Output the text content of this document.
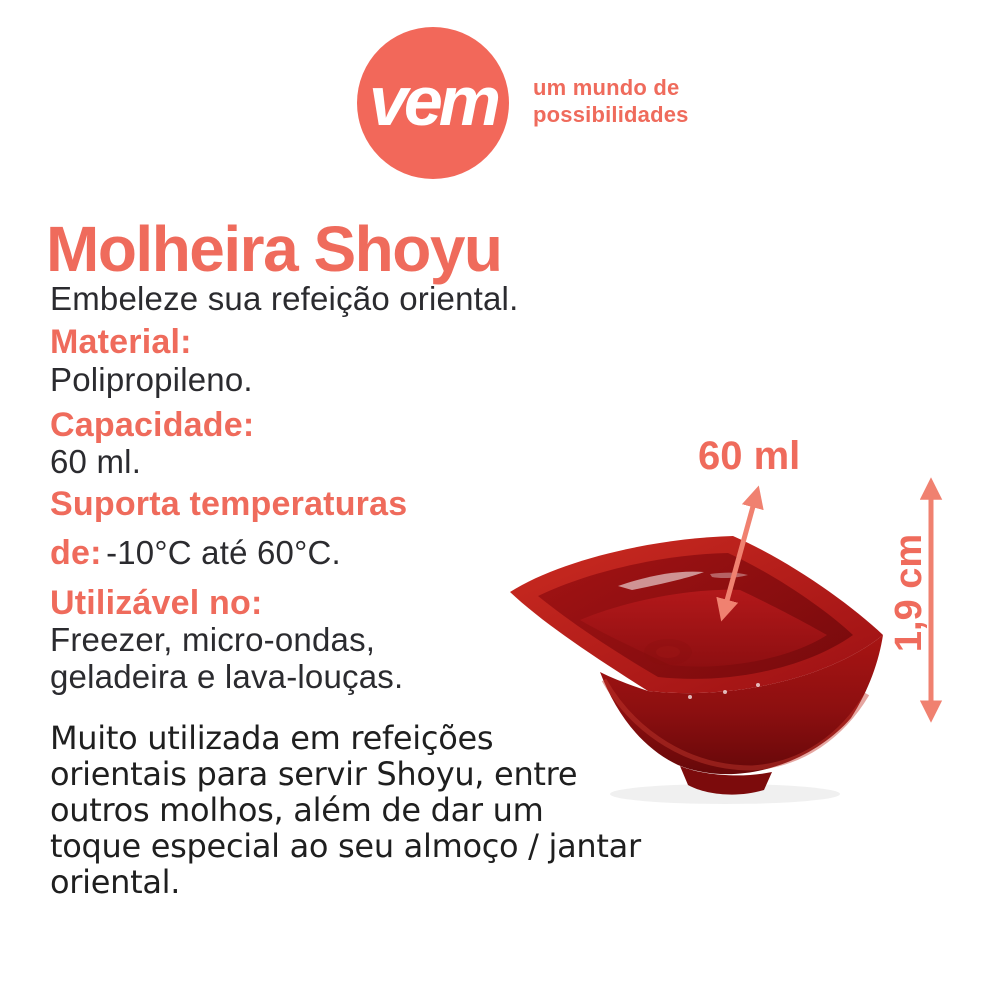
vem um mundo de
possibilidades
Molheira Shoyu
Embeleze sua refeição oriental.
Material:
Polipropileno.
Capacidade:
60 ml.
Suporta temperaturas de: -10°C até 60°C.
Utilizável no:
Freezer, micro-ondas,
geladeira e lava-louças.
Muito utilizada em refeições
orientais para servir Shoyu, entre
outros molhos, além de dar um
toque especial ao seu almoço / jantar
oriental.
60 ml
1,9 cm
